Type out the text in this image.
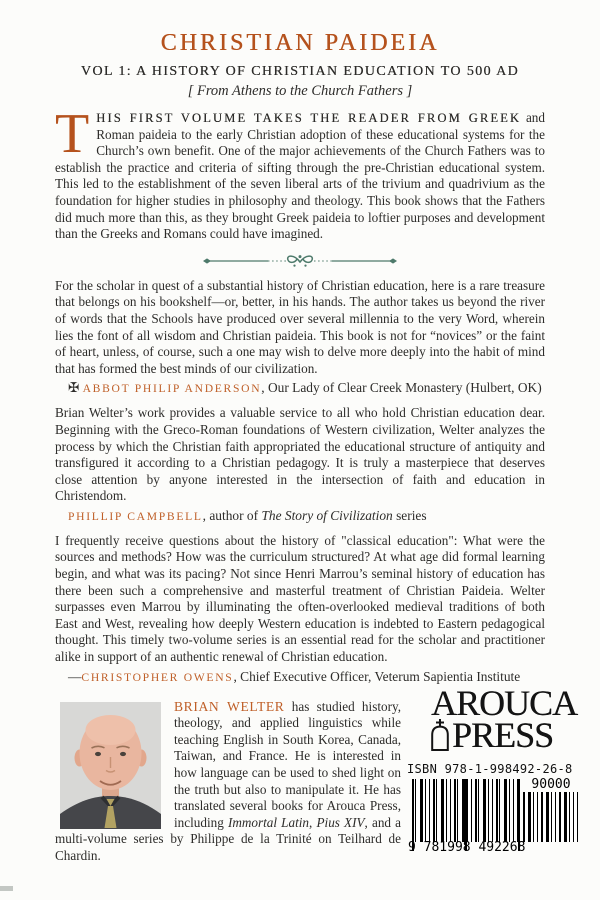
CHRISTIAN PAIDEIA
VOL 1: A HISTORY OF CHRISTIAN EDUCATION TO 500 AD
[ From Athens to the Church Fathers ]

THIS FIRST VOLUME TAKES THE READER FROM GREEK and Roman paideia to the early Christian adoption of these educational systems for the Church’s own benefit. One of the major achievements of the Church Fathers was to establish the practice and criteria of sifting through the pre-Christian educational system. This led to the establishment of the seven liberal arts of the trivium and quadrivium as the foundation for higher studies in philosophy and theology. This book shows that the Fathers did much more than this, as they brought Greek paideia to loftier purposes and development than the Greeks and Romans could have imagined.

For the scholar in quest of a substantial history of Christian education, here is a rare treasure that belongs on his bookshelf—or, better, in his hands. The author takes us beyond the river of words that the Schools have produced over several millennia to the very Word, wherein lies the font of all wisdom and Christian paideia. This book is not for “novices” or the faint of heart, unless, of course, such a one may wish to delve more deeply into the habit of mind that has formed the best minds of our civilization.

✠ ABBOT PHILIP ANDERSON, Our Lady of Clear Creek Monastery (Hulbert, OK)

Brian Welter’s work provides a valuable service to all who hold Christian education dear. Beginning with the Greco-Roman foundations of Western civilization, Welter analyzes the process by which the Christian faith appropriated the educational structure of antiquity and transfigured it according to a Christian pedagogy. It is truly a masterpiece that deserves close attention by anyone interested in the intersection of faith and education in Christendom.

PHILLIP CAMPBELL, author of The Story of Civilization series

I frequently receive questions about the history of "classical education": What were the sources and methods? How was the curriculum structured? At what age did formal learning begin, and what was its pacing? Not since Henri Marrou’s seminal history of education has there been such a comprehensive and masterful treatment of Christian Paideia. Welter surpasses even Marrou by illuminating the often-overlooked medieval traditions of both East and West, revealing how deeply Western education is indebted to Eastern pedagogical thought. This timely two-volume series is an essential read for the scholar and practitioner alike in support of an authentic renewal of Christian education.

—CHRISTOPHER OWENS, Chief Executive Officer, Veterum Sapientia Institute

BRIAN WELTER has studied history, theology, and applied linguistics while teaching English in South Korea, Canada, Taiwan, and France. He is interested in how language can be used to shed light on the truth but also to manipulate it. He has translated several books for Arouca Press, including Immortal Latin, Pius XIV, and a multi-volume series by Philippe de la Trinité on Teilhard de Chardin.

AROUCA
PRESS
ISBN 978-1-998492-26-8
90000
9 781998 492268
